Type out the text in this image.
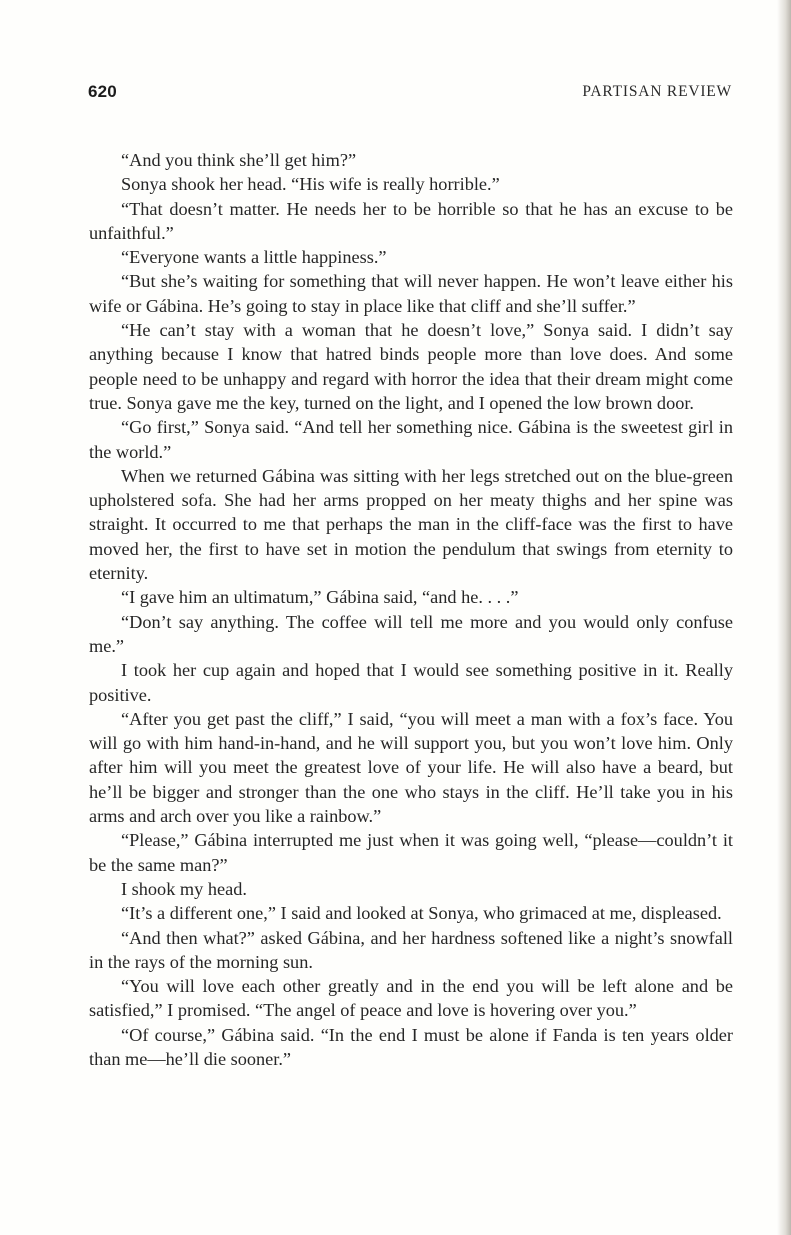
620	PARTISAN REVIEW

“And you think she’ll get him?”

Sonya shook her head. “His wife is really horrible.”

“That doesn’t matter. He needs her to be horrible so that he has an excuse to be unfaithful.”

“Everyone wants a little happiness.”

“But she’s waiting for something that will never happen. He won’t leave either his wife or Gábina. He’s going to stay in place like that cliff and she’ll suffer.”

“He can’t stay with a woman that he doesn’t love,” Sonya said. I didn’t say anything because I know that hatred binds people more than love does. And some people need to be unhappy and regard with horror the idea that their dream might come true. Sonya gave me the key, turned on the light, and I opened the low brown door.

“Go first,” Sonya said. “And tell her something nice. Gábina is the sweetest girl in the world.”

When we returned Gábina was sitting with her legs stretched out on the blue-green upholstered sofa. She had her arms propped on her meaty thighs and her spine was straight. It occurred to me that perhaps the man in the cliff-face was the first to have moved her, the first to have set in motion the pendulum that swings from eternity to eternity.

“I gave him an ultimatum,” Gábina said, “and he. . . .”

“Don’t say anything. The coffee will tell me more and you would only confuse me.”

I took her cup again and hoped that I would see something positive in it. Really positive.

“After you get past the cliff,” I said, “you will meet a man with a fox’s face. You will go with him hand-in-hand, and he will support you, but you won’t love him. Only after him will you meet the greatest love of your life. He will also have a beard, but he’ll be bigger and stronger than the one who stays in the cliff. He’ll take you in his arms and arch over you like a rainbow.”

“Please,” Gábina interrupted me just when it was going well, “please—couldn’t it be the same man?”

I shook my head.

“It’s a different one,” I said and looked at Sonya, who grimaced at me, displeased.

“And then what?” asked Gábina, and her hardness softened like a night’s snowfall in the rays of the morning sun.

“You will love each other greatly and in the end you will be left alone and be satisfied,” I promised. “The angel of peace and love is hovering over you.”

“Of course,” Gábina said. “In the end I must be alone if Fanda is ten years older than me—he’ll die sooner.”
